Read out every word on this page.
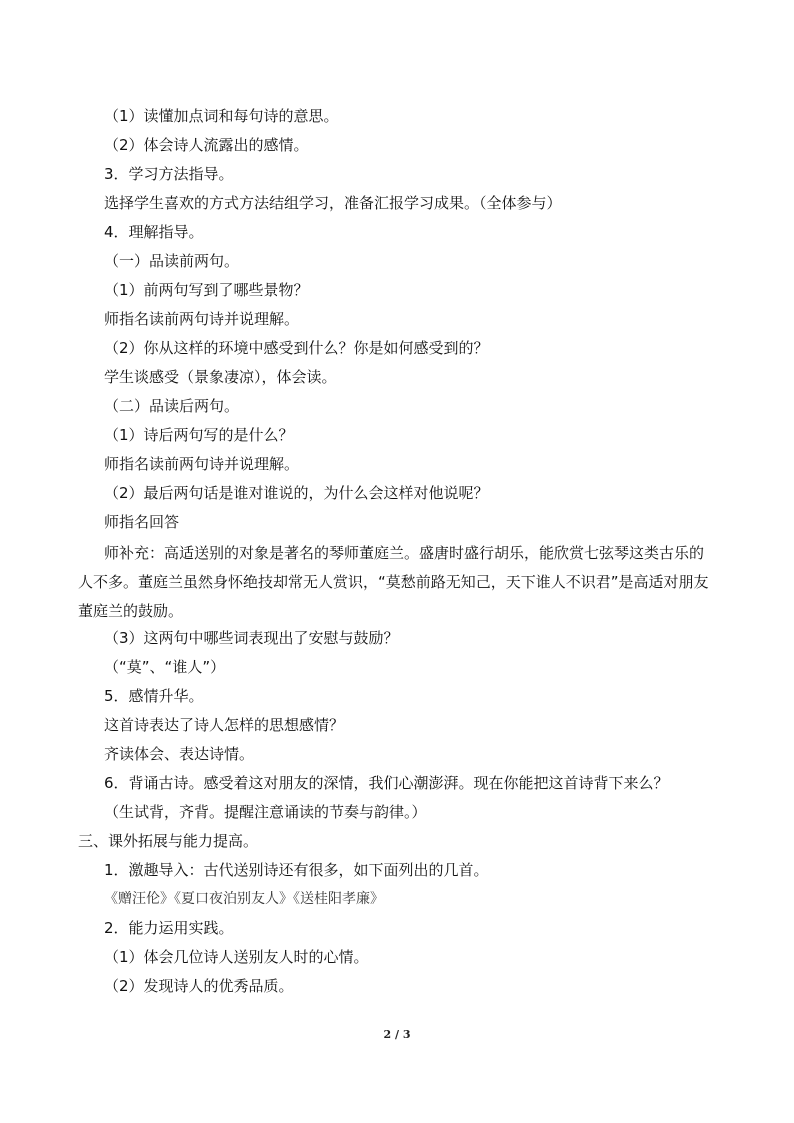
（1）读懂加点词和每句诗的意思。
（2）体会诗人流露出的感情。
3．学习方法指导。
选择学生喜欢的方式方法结组学习，准备汇报学习成果。（全体参与）
4．理解指导。
（一）品读前两句。
（1）前两句写到了哪些景物？
师指名读前两句诗并说理解。
（2）你从这样的环境中感受到什么？你是如何感受到的？
学生谈感受（景象凄凉），体会读。
（二）品读后两句。
（1）诗后两句写的是什么？
师指名读前两句诗并说理解。
（2）最后两句话是谁对谁说的，为什么会这样对他说呢？
师指名回答
师补充：高适送别的对象是著名的琴师董庭兰。盛唐时盛行胡乐，能欣赏七弦琴这类古乐的人不多。董庭兰虽然身怀绝技却常无人赏识，“莫愁前路无知己，天下谁人不识君”是高适对朋友董庭兰的鼓励。
（3）这两句中哪些词表现出了安慰与鼓励？
（“莫”、“谁人”）
5．感情升华。
这首诗表达了诗人怎样的思想感情？
齐读体会、表达诗情。
6．背诵古诗。感受着这对朋友的深情，我们心潮澎湃。现在你能把这首诗背下来么？
（生试背，齐背。提醒注意诵读的节奏与韵律。）
三、课外拓展与能力提高。
1．激趣导入：古代送别诗还有很多，如下面列出的几首。
《赠汪伦》《夏口夜泊别友人》《送桂阳孝廉》
2．能力运用实践。
（1）体会几位诗人送别友人时的心情。
（2）发现诗人的优秀品质。
2 / 3
